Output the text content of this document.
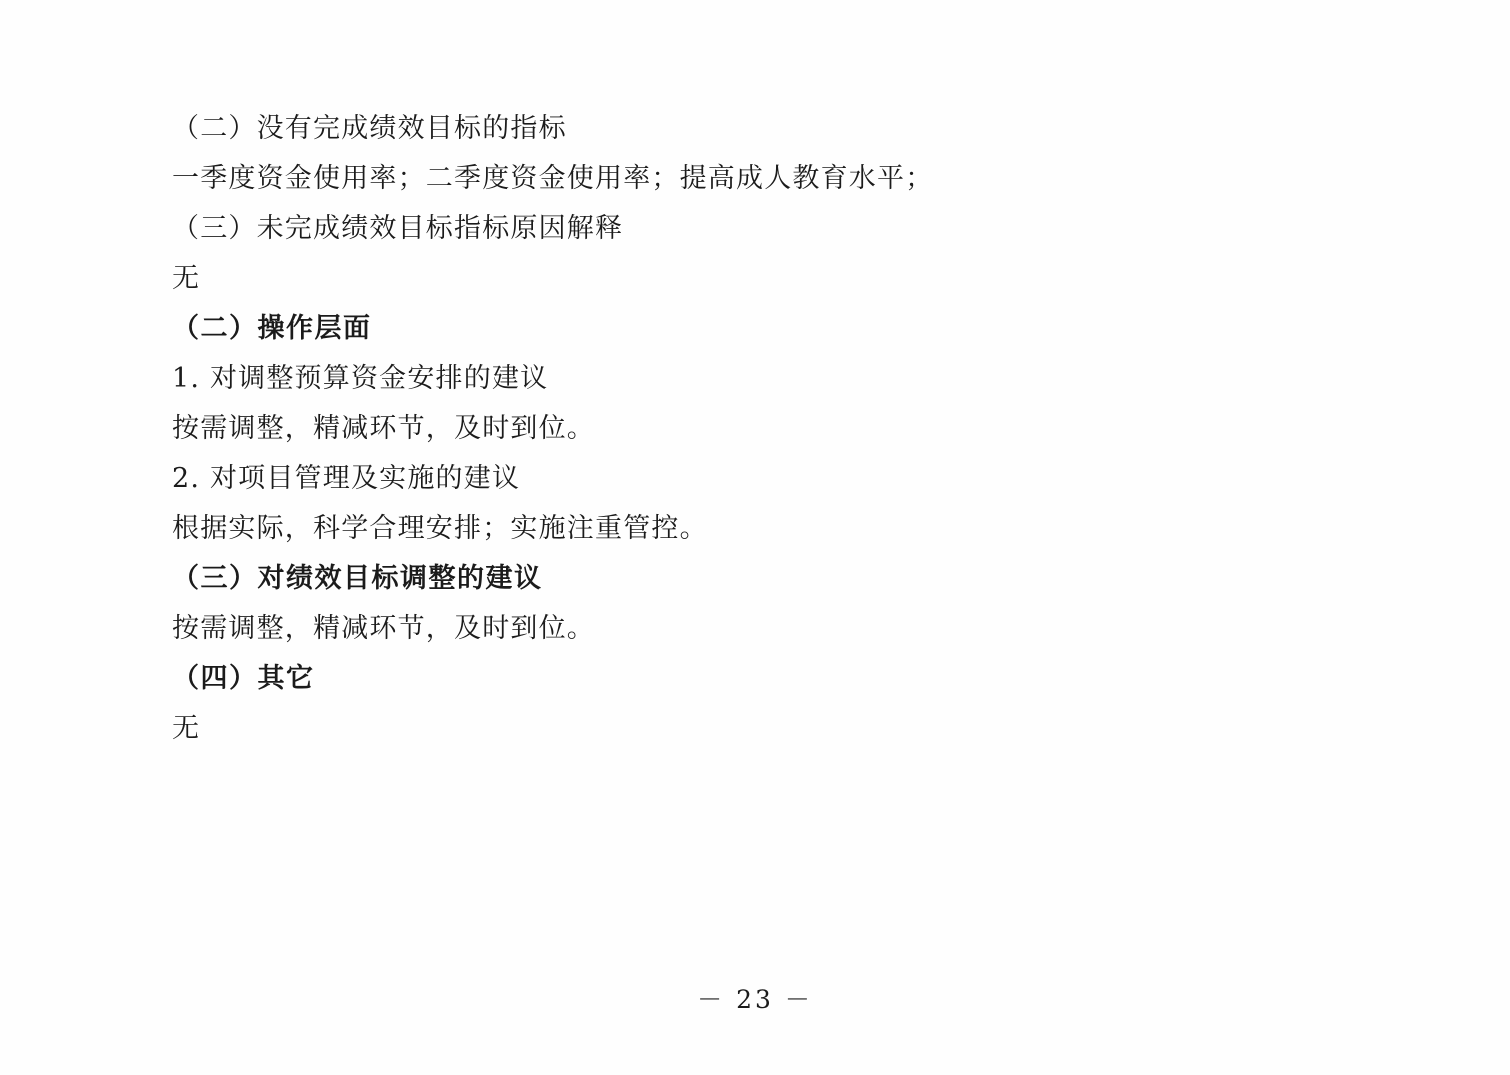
（二）没有完成绩效目标的指标
一季度资金使用率；二季度资金使用率；提高成人教育水平；
（三）未完成绩效目标指标原因解释
无
（二）操作层面
1. 对调整预算资金安排的建议
按需调整，精减环节，及时到位。
2. 对项目管理及实施的建议
根据实际，科学合理安排；实施注重管控。
（三）对绩效目标调整的建议
按需调整，精减环节，及时到位。
（四）其它
无
－ 23 －
